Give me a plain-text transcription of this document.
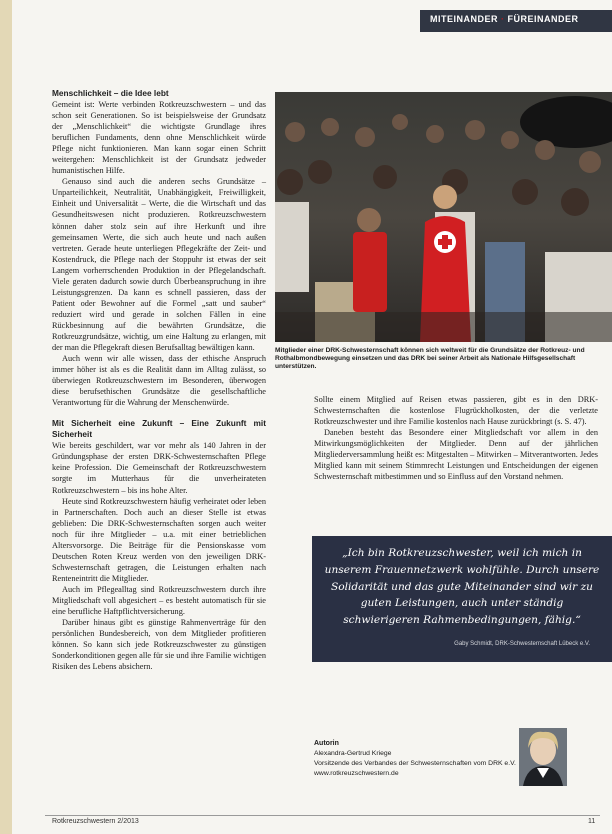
MITEINANDER · FÜREINANDER
Menschlichkeit – die Idee lebt

Gemeint ist: Werte verbinden Rotkreuzschwestern – und das schon seit Generationen. So ist beispielsweise der Grundsatz der „Menschlichkeit“ die wichtigste Grundlage ihres beruflichen Fundaments, denn ohne Menschlichkeit würde Pflege nicht funktionieren. Man kann sogar einen Schritt weitergehen: Menschlichkeit ist der Grundsatz jedweder humanistischen Hilfe.

Genauso sind auch die anderen sechs Grundsätze – Unparteilichkeit, Neutralität, Unabhängigkeit, Freiwilligkeit, Einheit und Universalität – Werte, die die Wirtschaft und das Gesundheitswesen nicht produzieren. Rotkreuzschwestern können daher stolz sein auf ihre Herkunft und ihre gemeinsamen Werte, die sich auch heute und nach außen vertreten. Gerade heute unterliegen Pflegekräfte der Zeit- und Kostendruck, die Pflege nach der Stoppuhr ist etwas der seit Langem vorherrschenden Produktion in der Pflegelandschaft. Viele geraten dadurch sowie durch Überbeanspruchung in ihre Leistungsgrenzen. Da kann es schnell passieren, dass der Patient oder Bewohner auf die Formel „satt und sauber“ reduziert wird und gerade in solchen Fällen in eine Rückbesinnung auf die bewährten Grundsätze, die Rotkreuzgrundsätze, wichtig, um eine Haltung zu erlangen, mit der man die Pflegekraft diesen Berufsalltag bewältigen kann.

Auch wenn wir alle wissen, dass der ethische Anspruch immer höher ist als es die Realität dann im Alltag zulässt, so überwiegen Rotkreuzschwestern im Besonderen, überwogen diese berufsethischen Grundsätze die gesellschaftliche Verantwortung für die Wahrung der Menschenwürde.

Mit Sicherheit eine Zukunft – Eine Zukunft mit Sicherheit

Wie bereits geschildert, war vor mehr als 140 Jahren in der Gründungsphase der ersten DRK-Schwesternschaften Pflege keine Profession. Die Gemeinschaft der Rotkreuzschwestern sorgte im Mutterhaus für die unverheirateten Rotkreuzschwestern – bis ins hohe Alter.

Heute sind Rotkreuzschwestern häufig verheiratet oder leben in Partnerschaften. Doch auch an dieser Stelle ist etwas geblieben: Die DRK-Schwesternschaften sorgen auch weiter noch für ihre Mitglieder – u.a. mit einer betrieblichen Altersvorsorge. Die Beiträge für die Pensionskasse vom Deutschen Roten Kreuz werden von den jeweiligen DRK-Schwesternschaft getragen, die Leistungen erhalten nach Renteneintritt die Mitglieder.

Auch im Pflegealltag sind Rotkreuzschwestern durch ihre Mitgliedschaft voll abgesichert – es besteht automatisch für sie eine berufliche Haftpflichtversicherung.

Darüber hinaus gibt es günstige Rahmenverträge für den persönlichen Bundesbereich, von dem Mitglieder profitieren können. So kann sich jede Rotkreuzschwester zu günstigen Sonderkonditionen gegen alle für sie und ihre Familie wichtigen Risiken des Lebens absichern.

Mitglieder einer DRK-Schwesternschaft können sich weltweit für die Grundsätze der Rotkreuz- und Rothalbmondbewegung einsetzen und das DRK bei seiner Arbeit als Nationale Hilfsgesellschaft unterstützen.

Sollte einem Mitglied auf Reisen etwas passieren, gibt es in den DRK-Schwesternschaften die kostenlose Flugrückholkosten, der die verletzte Rotkreuzschwester und ihre Familie kostenlos nach Hause zurückbringt (s. S. 47).

Daneben besteht das Besondere einer Mitgliedschaft vor allem in den Mitwirkungsmöglichkeiten der Mitglieder. Denn auf der jährlichen Mitgliederversammlung heißt es: Mitgestalten – Mitwirken – Mitverantworten. Jedes Mitglied kann mit seinem Stimmrecht Leistungen und Entscheidungen der eigenen Schwesternschaft mitbestimmen und so Einfluss auf den Vorstand nehmen.

„Ich bin Rotkreuzschwester, weil ich mich in unserem Frauennetzwerk wohlfühle. Durch unsere Solidarität und das gute Miteinander sind wir zu guten Leistungen, auch unter ständig schwierigeren Rahmenbedingungen, fähig.“
Gaby Schmidt, DRK-Schwesternschaft Lübeck e.V.
Autorin
Alexandra-Gertrud Kriege
Vorsitzende des Verbandes der Schwesternschaften vom DRK e.V.
www.rotkreuzschwestern.de
Rotkreuzschwestern 2/2013	11
